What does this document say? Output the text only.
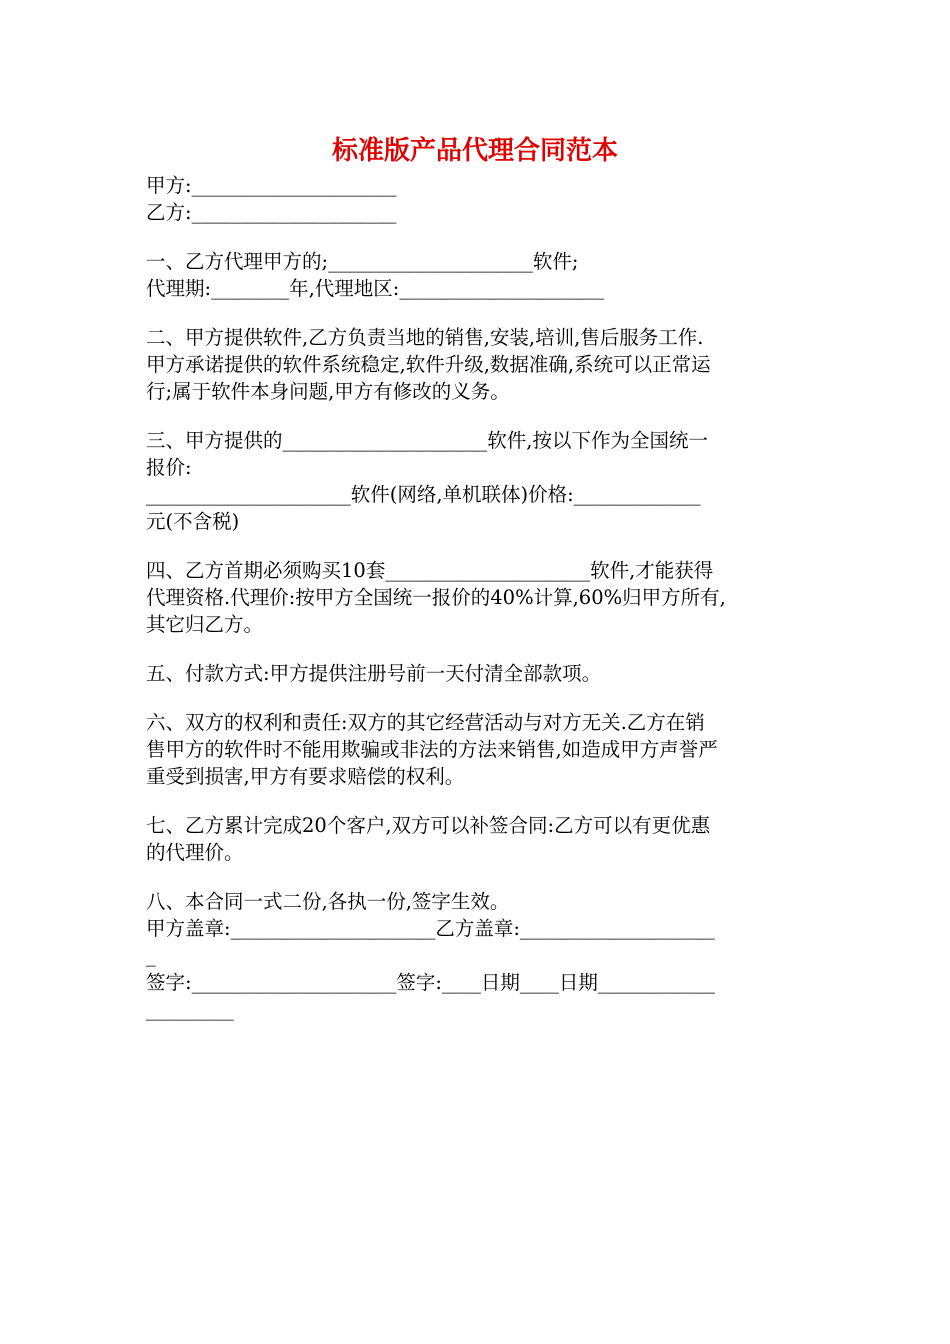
标准版产品代理合同范本
甲方:_____________________
乙方:_____________________
一、乙方代理甲方的;_____________________软件;
代理期:________年,代理地区:_____________________
二、甲方提供软件,乙方负责当地的销售,安装,培训,售后服务工作.
甲方承诺提供的软件系统稳定,软件升级,数据准确,系统可以正常运
行;属于软件本身问题,甲方有修改的义务。
三、甲方提供的_____________________软件,按以下作为全国统一
报价:
_____________________软件(网络,单机联体)价格:_____________
元(不含税)
四、乙方首期必须购买10套_____________________软件,才能获得
代理资格.代理价:按甲方全国统一报价的40%计算,60%归甲方所有,
其它归乙方。
五、付款方式:甲方提供注册号前一天付清全部款项。
六、双方的权利和责任:双方的其它经营活动与对方无关.乙方在销
售甲方的软件时不能用欺骗或非法的方法来销售,如造成甲方声誉严
重受到损害,甲方有要求赔偿的权利。
七、乙方累计完成20个客户,双方可以补签合同:乙方可以有更优惠
的代理价。
八、本合同一式二份,各执一份,签字生效。
甲方盖章:_____________________乙方盖章:____________________
_
签字:_____________________签字:____日期____日期____________
_________
